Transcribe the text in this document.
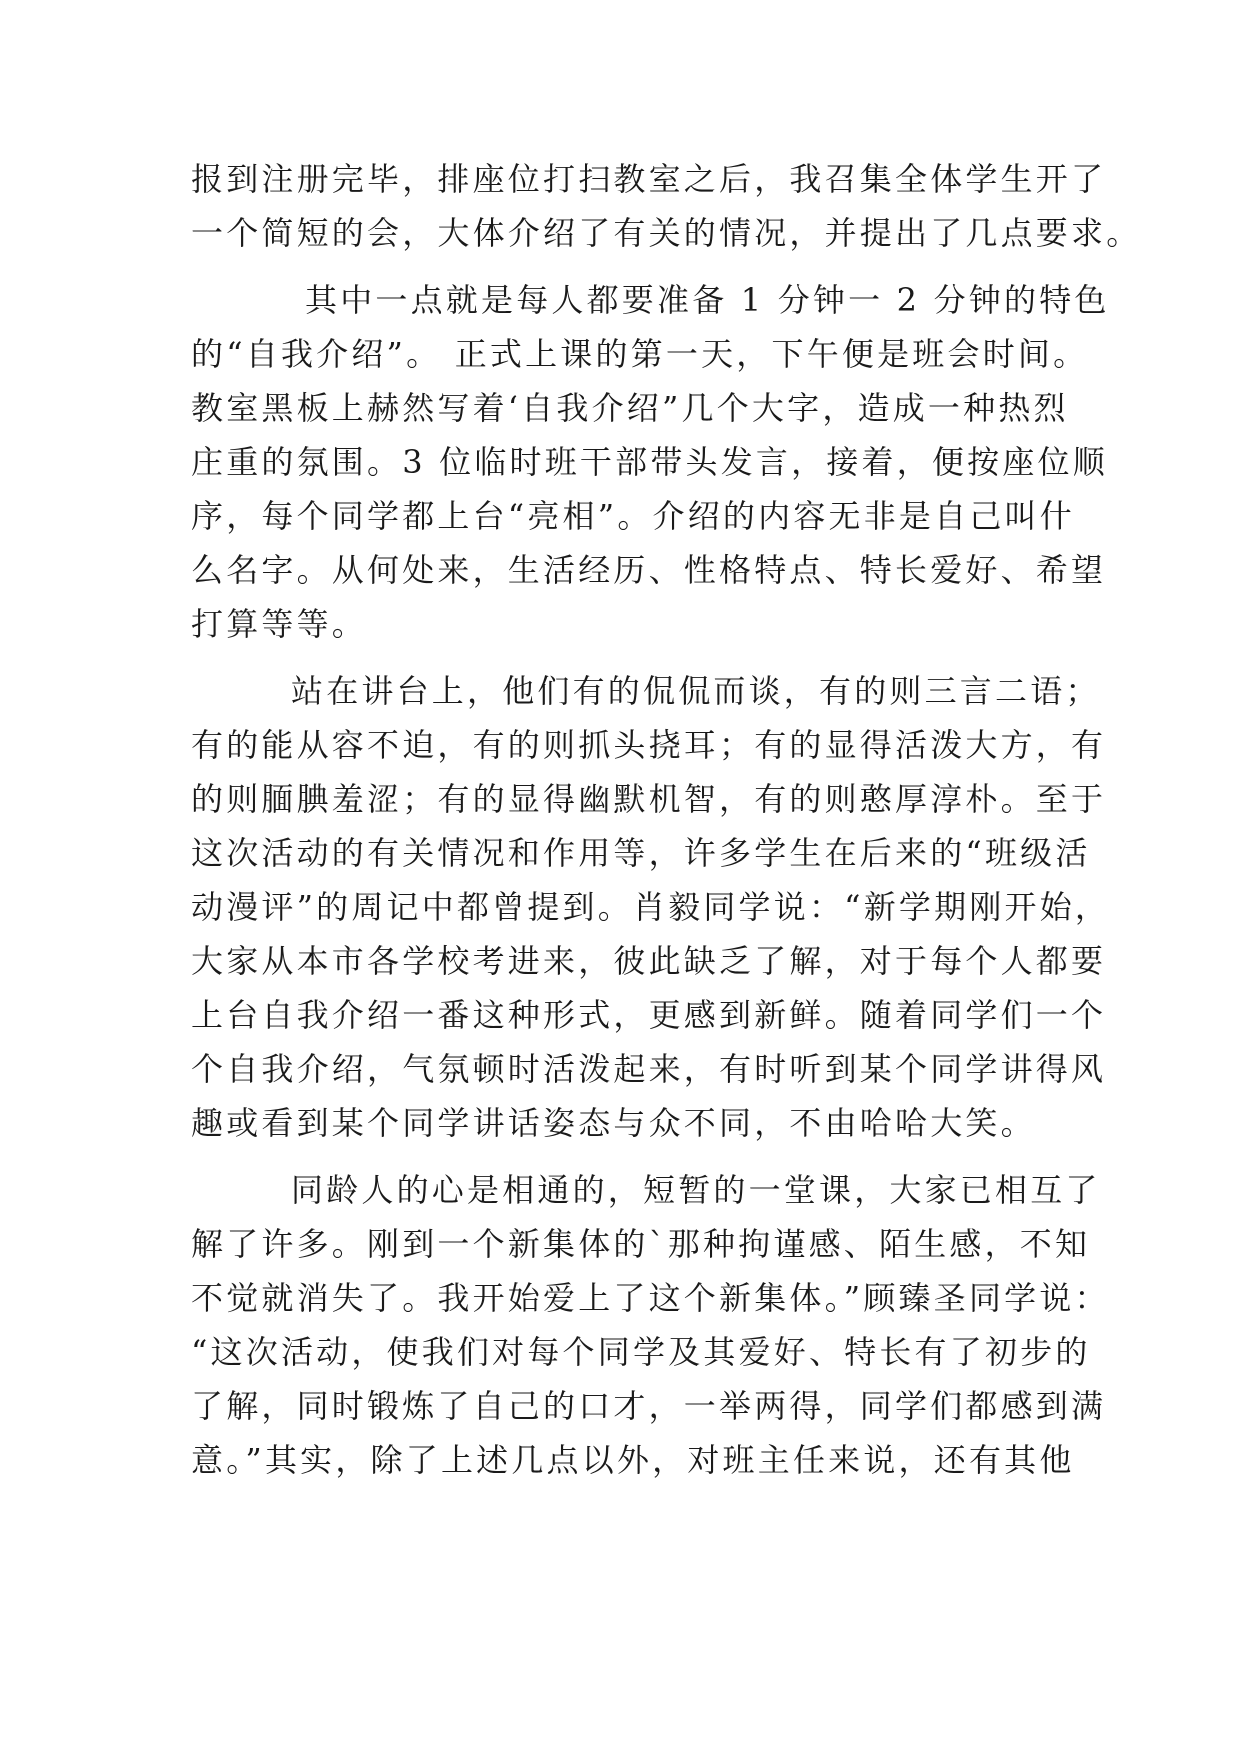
报到注册完毕，排座位打扫教室之后，我召集全体学生开了
一个简短的会，大体介绍了有关的情况，并提出了几点要求。
其中一点就是每人都要准备 1 分钟一 2 分钟的特色
的“自我介绍”。 正式上课的第一天，下午便是班会时间。
教室黑板上赫然写着‘自我介绍”几个大字，造成一种热烈
庄重的氛围。3 位临时班干部带头发言，接着，便按座位顺
序，每个同学都上台“亮相”。介绍的内容无非是自己叫什
么名字。从何处来，生活经历、性格特点、特长爱好、希望
打算等等。
站在讲台上，他们有的侃侃而谈，有的则三言二语；
有的能从容不迫，有的则抓头挠耳；有的显得活泼大方，有
的则腼腆羞涩；有的显得幽默机智，有的则憨厚淳朴。至于
这次活动的有关情况和作用等，许多学生在后来的“班级活
动漫评”的周记中都曾提到。肖毅同学说：“新学期刚开始，
大家从本市各学校考进来，彼此缺乏了解，对于每个人都要
上台自我介绍一番这种形式，更感到新鲜。随着同学们一个
个自我介绍，气氛顿时活泼起来，有时听到某个同学讲得风
趣或看到某个同学讲话姿态与众不同，不由哈哈大笑。
同龄人的心是相通的，短暂的一堂课，大家已相互了
解了许多。刚到一个新集体的`那种拘谨感、陌生感，不知
不觉就消失了。我开始爱上了这个新集体。”顾臻圣同学说：
“这次活动，使我们对每个同学及其爱好、特长有了初步的
了解，同时锻炼了自己的口才，一举两得，同学们都感到满
意。”其实，除了上述几点以外，对班主任来说，还有其他
